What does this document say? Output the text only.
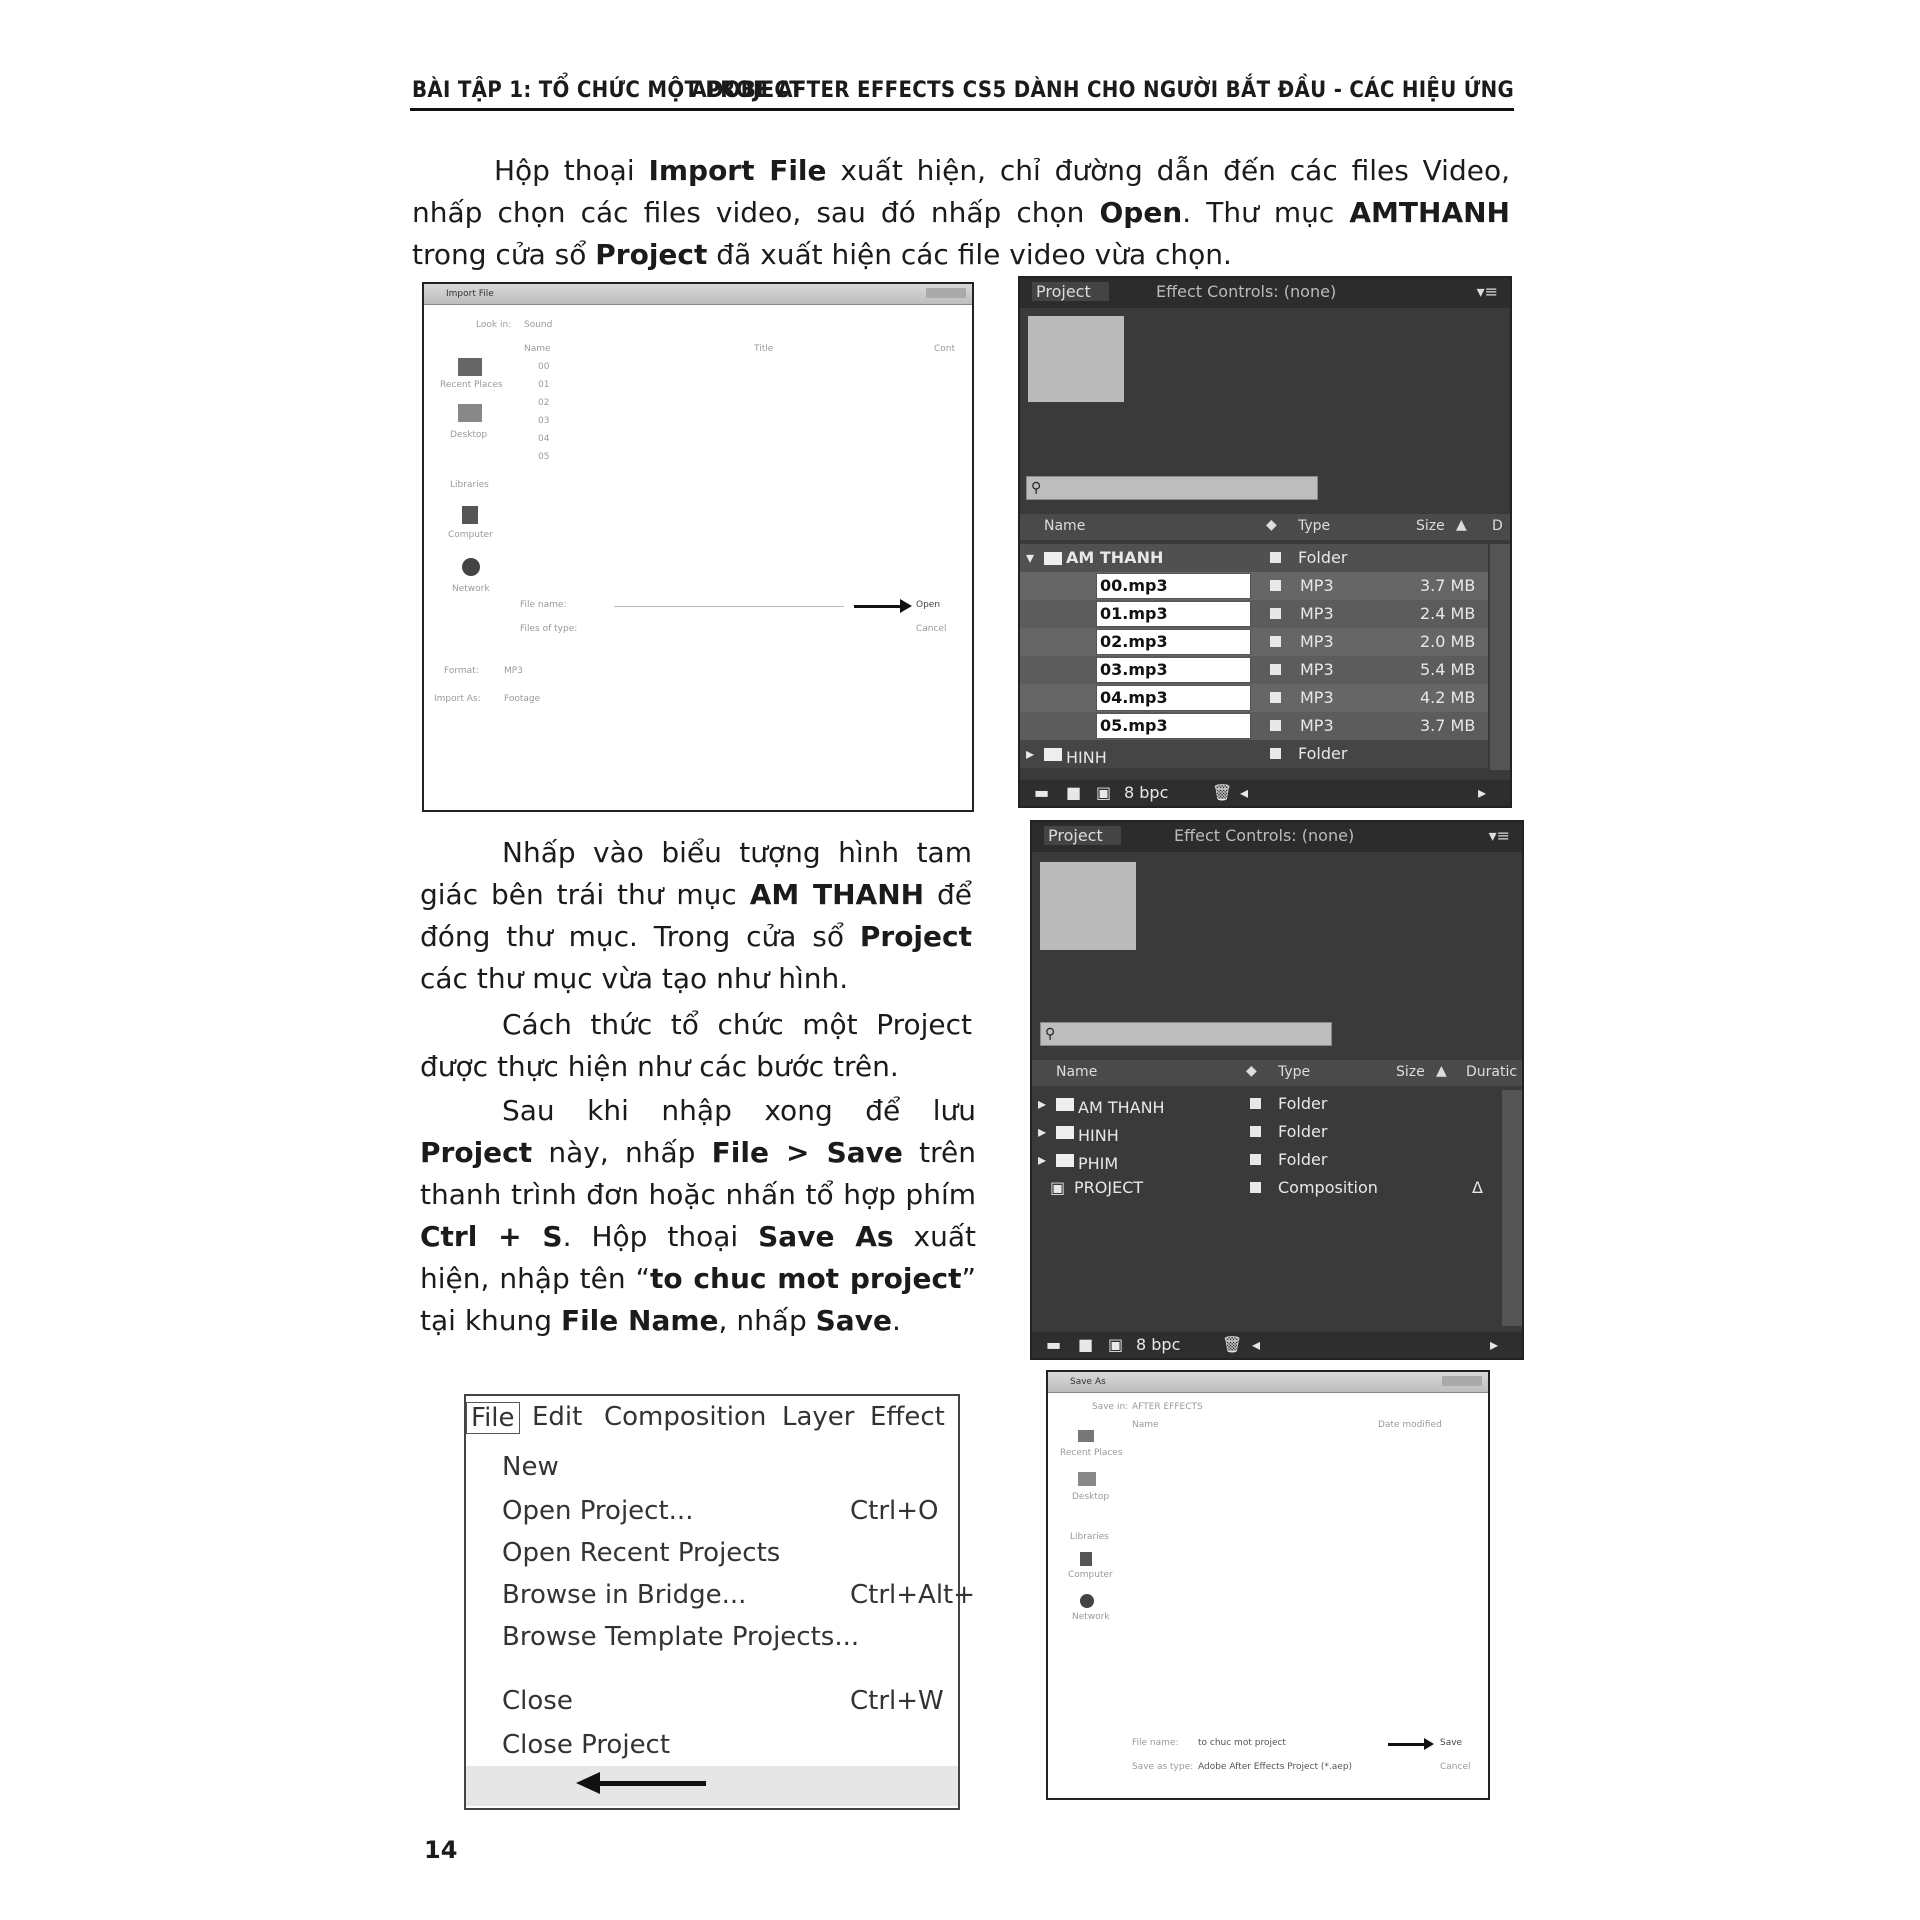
BÀI TẬP 1: TỔ CHỨC MỘT PROJECT
ADOBE AFTER EFFECTS CS5 DÀNH CHO NGƯỜI BẮT ĐẦU - CÁC HIỆU ỨNG
Hộp thoại Import File xuất hiện, chỉ đường dẫn đến các files Video, nhấp chọn các files video, sau đó nhấp chọn Open. Thư mục AMTHANH trong cửa sổ Project đã xuất hiện các file video vừa chọn.
Import File
Look in: Sound
Name	Title	Cont
Recent Places
Desktop
Libraries
Computer
Network
00
01
02
03
04
05
File name:	Open
Files of type:	Cancel
Format:	MP3
Import As:	Footage
Project	Effect Controls: (none)	▾≡
⚲
Name	◆ Type	Size ▲ D
▾	AM THANH	Folder
00.mp3	MP3	3.7 MB
01.mp3	MP3	2.4 MB
02.mp3	MP3	2.0 MB
03.mp3	MP3	5.4 MB
04.mp3	MP3	4.2 MB
05.mp3	MP3	3.7 MB
▸ HINH	Folder
▬ ■ ▣ 8 bpc	🗑 ◂	▸
Nhấp vào biểu tượng hình tam giác bên trái thư mục AM THANH để đóng thư mục. Trong cửa sổ Project các thư mục vừa tạo như hình.
Cách thức tổ chức một Project được thực hiện như các bước trên.
Sau khi nhập xong để lưu Project này, nhấp File > Save trên thanh trình đơn hoặc nhấn tổ hợp phím Ctrl + S. Hộp thoại Save As xuất hiện, nhập tên “to chuc mot project” tại khung File Name, nhấp Save.
Project	Effect Controls: (none)	▾≡
⚲
Name	◆ Type	Size ▲ Duratic
▸ AM THANH	Folder
▸ HINH	Folder
▸ PHIM	Folder
▣ PROJECT	Composition	Δ
▬ ■ ▣ 8 bpc	🗑 ◂	▸
File Edit Composition Layer Effect
New
Open Project...	Ctrl+O
Open Recent Projects
Browse in Bridge...	Ctrl+Alt+
Browse Template Projects...
Close	Ctrl+W
Close Project
Save As
Save in: AFTER EFFECTS
Name	Date modified
Recent Places
Desktop
Libraries
Computer
Network
File name: to chuc mot project	Save
Save as type: Adobe After Effects Project (*.aep)	Cancel
14
